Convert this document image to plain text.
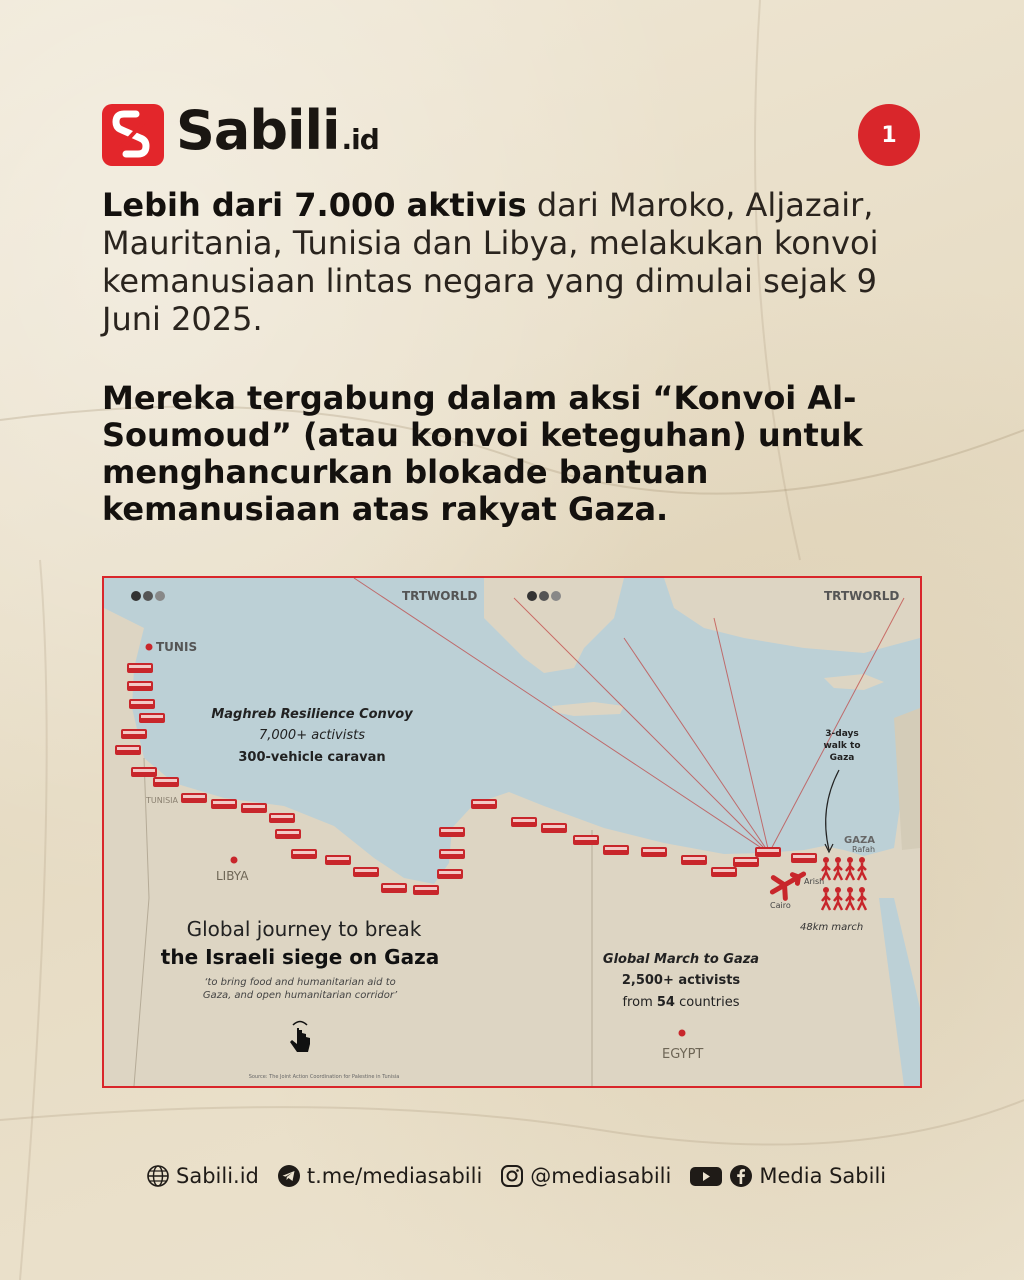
Sabili.id	1

Lebih dari 7.000 aktivis dari Maroko, Aljazair, Mauritania, Tunisia dan Libya, melakukan konvoi kemanusiaan lintas negara yang dimulai sejak 9 Juni 2025.

Mereka tergabung dalam aksi “Konvoi Al-Soumoud” (atau konvoi keteguhan) untuk menghancurkan blokade bantuan kemanusiaan atas rakyat Gaza.

TRTWORLD	TRTWORLD
TUNIS
TUNISIA
LIBYA
EGYPT
Maghreb Resilience Convoy
7,000+ activists
300-vehicle caravan
3-days
walk to
Gaza
GAZA
Rafah
Arish
Cairo
48km march
Global journey to break
the Israeli siege on Gaza
‘to bring food and humanitarian aid to
Gaza, and open humanitarian corridor’
Source: The Joint Action Coordination for Palestine in Tunisia
Global March to Gaza
2,500+ activists
from 54 countries
Sabili.id t.me/mediasabili @mediasabili	Media Sabili
